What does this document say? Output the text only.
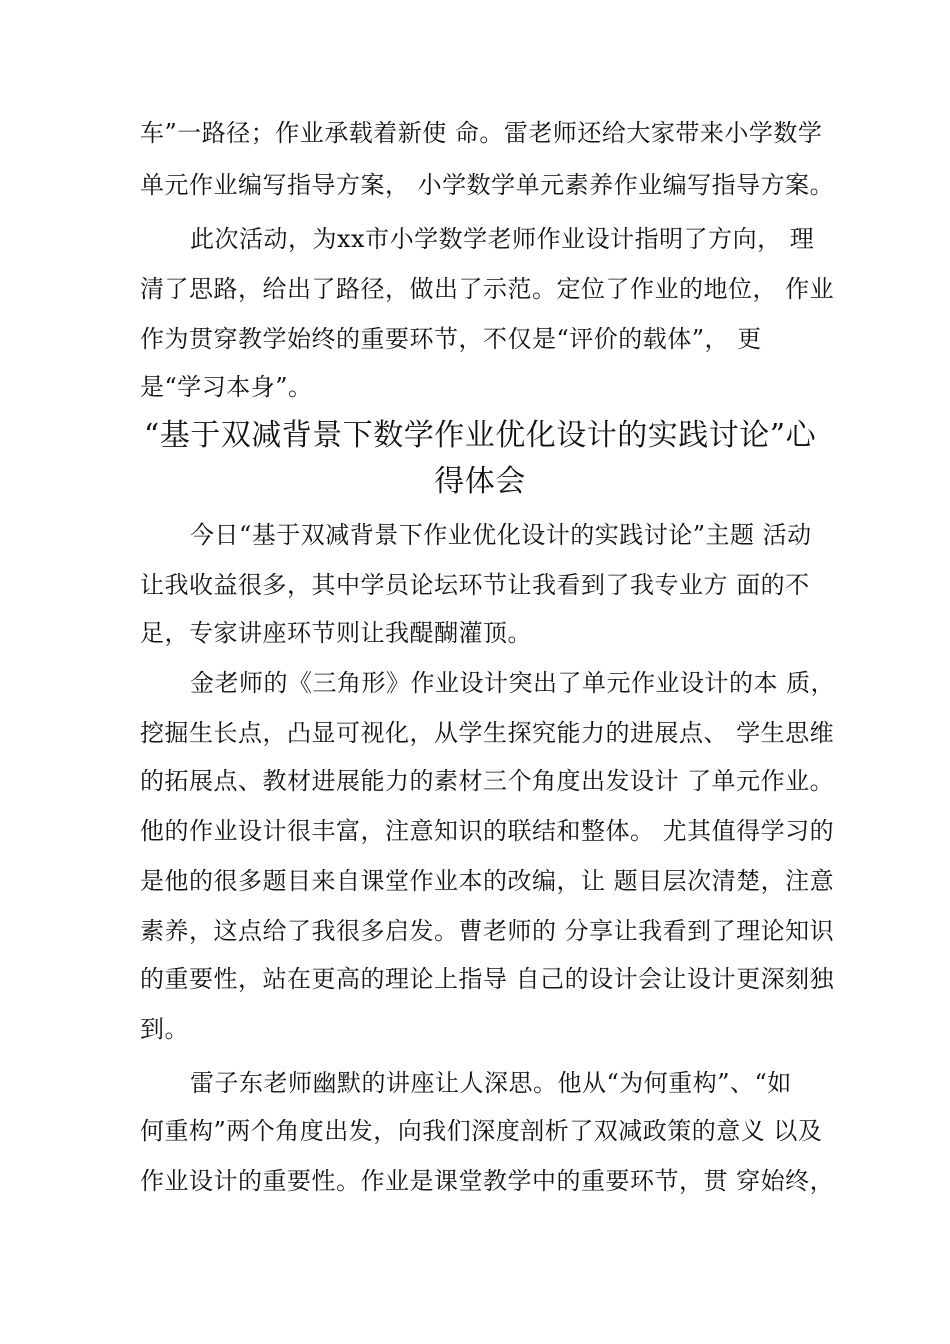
车”一路径；作业承载着新使 命。雷老师还给大家带来小学数学
单元作业编写指导方案， 小学数学单元素养作业编写指导方案。
此次活动，为xx市小学数学老师作业设计指明了方向， 理
清了思路，给出了路径，做出了示范。定位了作业的地位， 作业
作为贯穿教学始终的重要环节，不仅是“评价的载体”， 更
是“学习本身”。
“基于双减背景下数学作业优化设计的实践讨论”心
得体会
今日“基于双减背景下作业优化设计的实践讨论”主题 活动
让我收益很多，其中学员论坛环节让我看到了我专业方 面的不
足，专家讲座环节则让我醍醐灌顶。
金老师的《三角形》作业设计突出了单元作业设计的本 质，
挖掘生长点，凸显可视化，从学生探究能力的进展点、 学生思维
的拓展点、教材进展能力的素材三个角度出发设计 了单元作业。
他的作业设计很丰富，注意知识的联结和整体。 尤其值得学习的
是他的很多题目来自课堂作业本的改编，让 题目层次清楚，注意
素养，这点给了我很多启发。曹老师的 分享让我看到了理论知识
的重要性，站在更高的理论上指导 自己的设计会让设计更深刻独
到。
雷子东老师幽默的讲座让人深思。他从“为何重构”、“如
何重构”两个角度出发，向我们深度剖析了双减政策的意义 以及
作业设计的重要性。作业是课堂教学中的重要环节，贯 穿始终，
